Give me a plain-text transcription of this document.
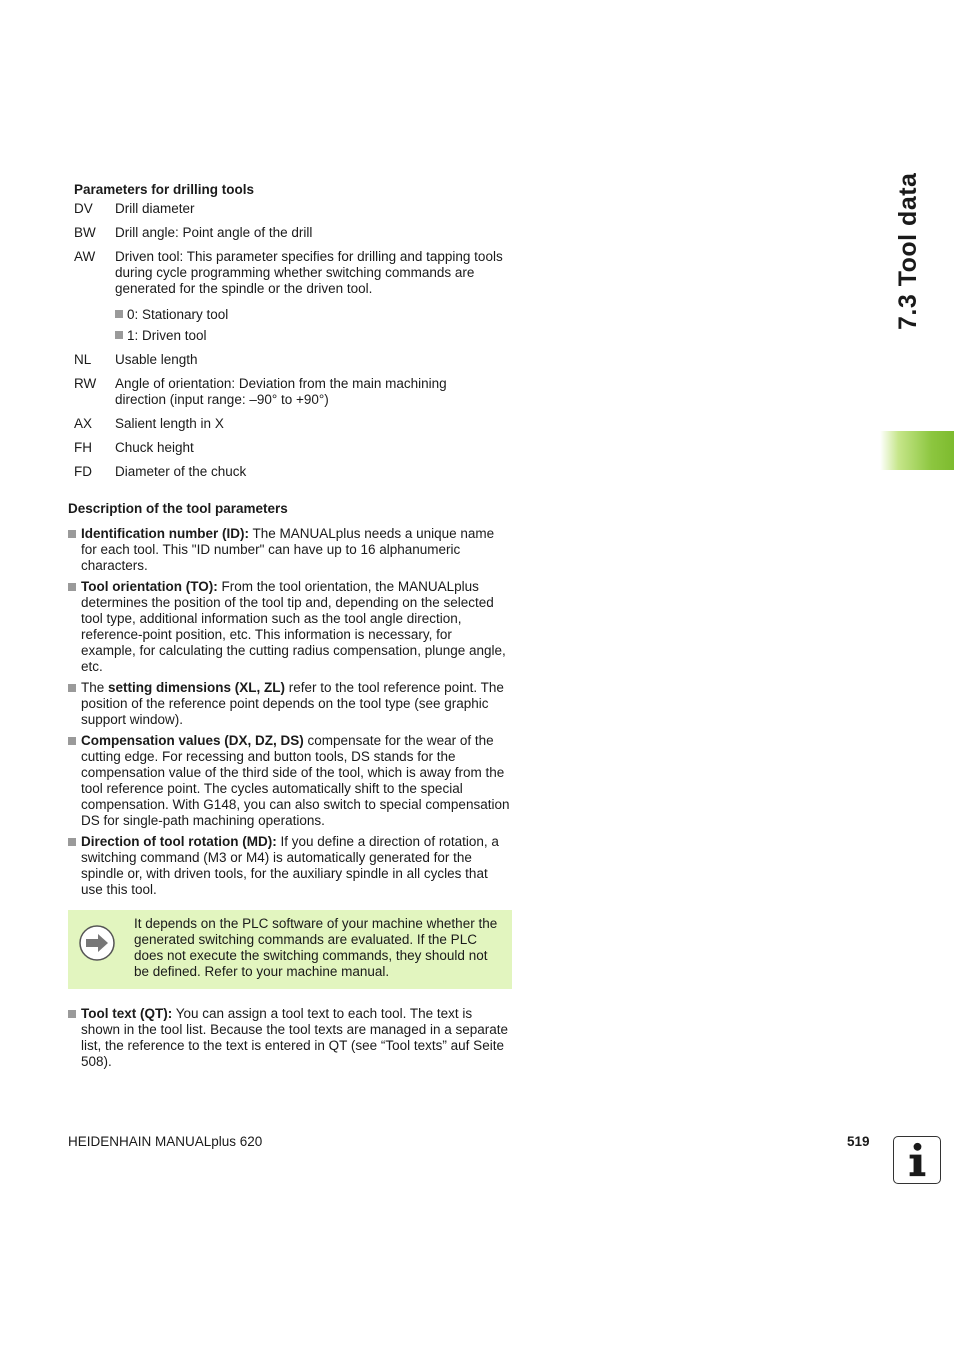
7.3 Tool data
Parameters for drilling tools
DV Drill diameter
BW Drill angle: Point angle of the drill
AW Driven tool: This parameter specifies for drilling and tapping tools during cycle programming whether switching commands are generated for the spindle or the driven tool.
0: Stationary tool
1: Driven tool
NL Usable length
RW Angle of orientation: Deviation from the main machining direction (input range: –90° to +90°)
AX Salient length in X
FH Chuck height
FD Diameter of the chuck
Description of the tool parameters
Identification number (ID): The MANUALplus needs a unique name for each tool. This "ID number" can have up to 16 alphanumeric characters.
Tool orientation (TO): From the tool orientation, the MANUALplus determines the position of the tool tip and, depending on the selected tool type, additional information such as the tool angle direction, reference-point position, etc. This information is necessary, for example, for calculating the cutting radius compensation, plunge angle, etc.
The setting dimensions (XL, ZL) refer to the tool reference point. The position of the reference point depends on the tool type (see graphic support window).
Compensation values (DX, DZ, DS) compensate for the wear of the cutting edge. For recessing and button tools, DS stands for the compensation value of the third side of the tool, which is away from the tool reference point. The cycles automatically shift to the special compensation. With G148, you can also switch to special compensation DS for single-path machining operations.
Direction of tool rotation (MD): If you define a direction of rotation, a switching command (M3 or M4) is automatically generated for the spindle or, with driven tools, for the auxiliary spindle in all cycles that use this tool.
It depends on the PLC software of your machine whether the generated switching commands are evaluated. If the PLC does not execute the switching commands, they should not be defined. Refer to your machine manual.
Tool text (QT): You can assign a tool text to each tool. The text is shown in the tool list. Because the tool texts are managed in a separate list, the reference to the text is entered in QT (see “Tool texts” auf Seite 508).
HEIDENHAIN MANUALplus 620	519
